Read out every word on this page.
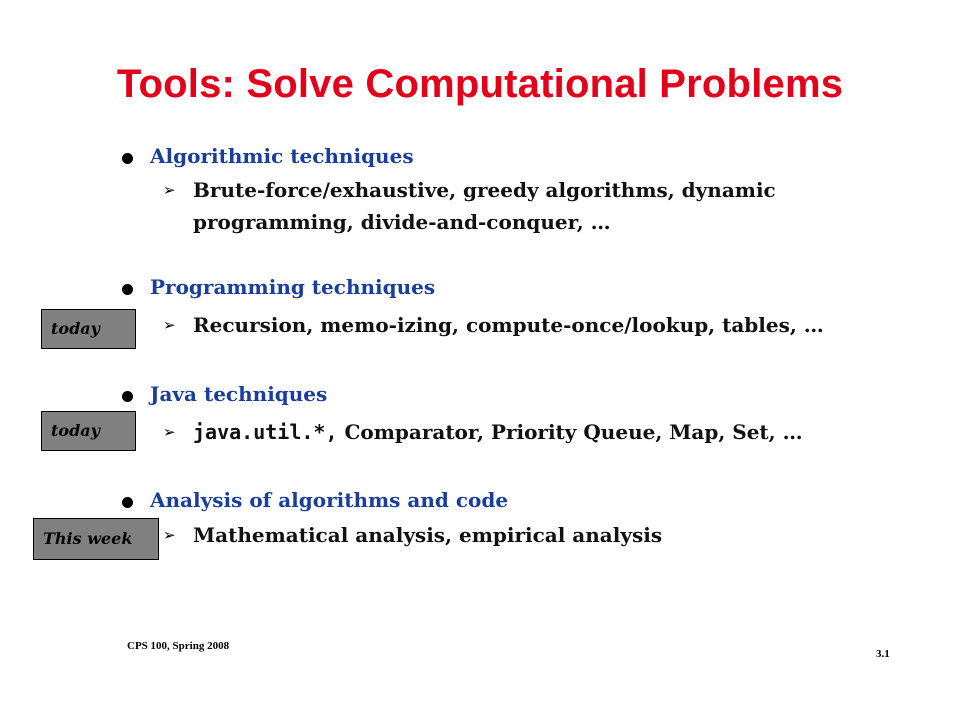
Tools: Solve Computational Problems
Algorithmic techniques
➢ Brute-force/exhaustive, greedy algorithms, dynamic
programming, divide-and-conquer, …
Programming techniques
➢ Recursion, memo-izing, compute-once/lookup, tables, …
today
Java techniques
➢ java.util.*, Comparator, Priority Queue, Map, Set, …
today
Analysis of algorithms and code
➢ Mathematical analysis, empirical analysis
This week
CPS 100, Spring 2008
3.1
